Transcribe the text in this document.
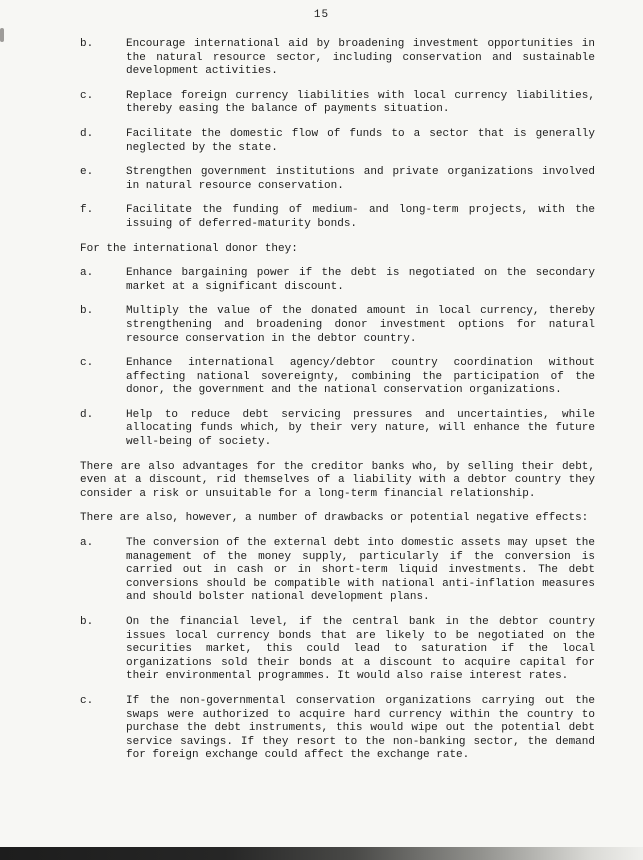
15
b.	Encourage international aid by broadening investment opportunities in the natural resource sector, including conservation and sustainable development activities.
c.	Replace foreign currency liabilities with local currency liabilities, thereby easing the balance of payments situation.
d.	Facilitate the domestic flow of funds to a sector that is generally neglected by the state.
e.	Strengthen government institutions and private organizations involved in natural resource conservation.
f.	Facilitate the funding of medium- and long-term projects, with the issuing of deferred-maturity bonds.

For the international donor they:

a.	Enhance bargaining power if the debt is negotiated on the secondary market at a significant discount.
b.	Multiply the value of the donated amount in local currency, thereby strengthening and broadening donor investment options for natural resource conservation in the debtor country.
c.	Enhance international agency/debtor country coordination without affecting national sovereignty, combining the participation of the donor, the government and the national conservation organizations.
d.	Help to reduce debt servicing pressures and uncertainties, while allocating funds which, by their very nature, will enhance the future well-being of society.

There are also advantages for the creditor banks who, by selling their debt, even at a discount, rid themselves of a liability with a debtor country they consider a risk or unsuitable for a long-term financial relationship.

There are also, however, a number of drawbacks or potential negative effects:

a.	The conversion of the external debt into domestic assets may upset the management of the money supply, particularly if the conversion is carried out in cash or in short-term liquid investments. The debt conversions should be compatible with national anti-inflation measures and should bolster national development plans.
b.	On the financial level, if the central bank in the debtor country issues local currency bonds that are likely to be negotiated on the securities market, this could lead to saturation if the local organizations sold their bonds at a discount to acquire capital for their environmental programmes. It would also raise interest rates.
c.	If the non-governmental conservation organizations carrying out the swaps were authorized to acquire hard currency within the country to purchase the debt instruments, this would wipe out the potential debt service savings. If they resort to the non-banking sector, the demand for foreign exchange could affect the exchange rate.
